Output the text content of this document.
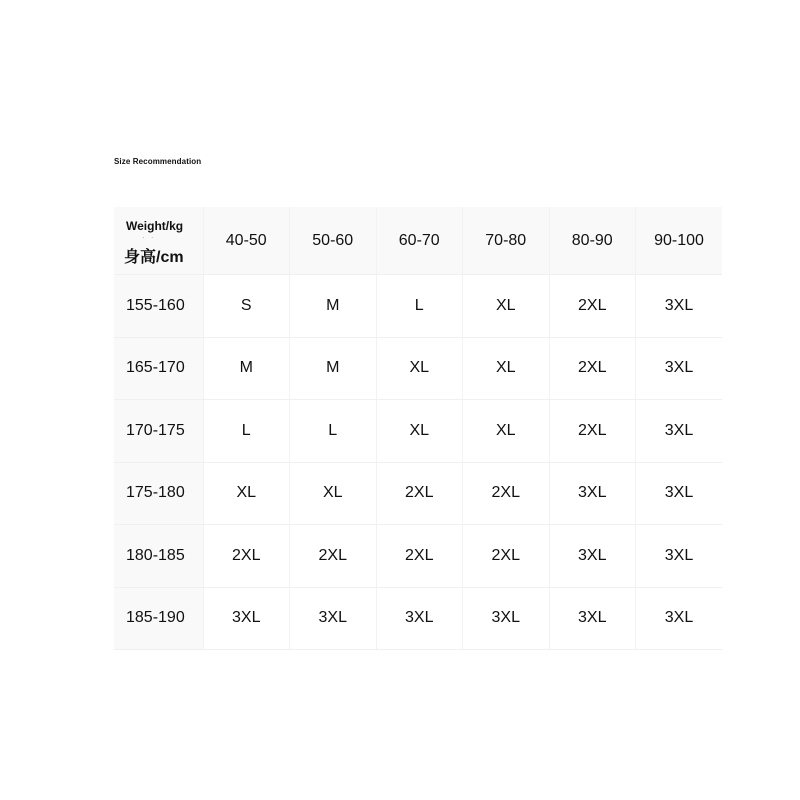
Size Recommendation
Weight/kg
· ·
身高/cm	40-50	50-60	60-70	70-80	80-90	90-100
155-160	S	M	L	XL	2XL	3XL
165-170	M	M	XL	XL	2XL	3XL
170-175	L	L	XL	XL	2XL	3XL
175-180	XL	XL	2XL	2XL	3XL	3XL
180-185	2XL	2XL	2XL	2XL	3XL	3XL
185-190	3XL	3XL	3XL	3XL	3XL	3XL
